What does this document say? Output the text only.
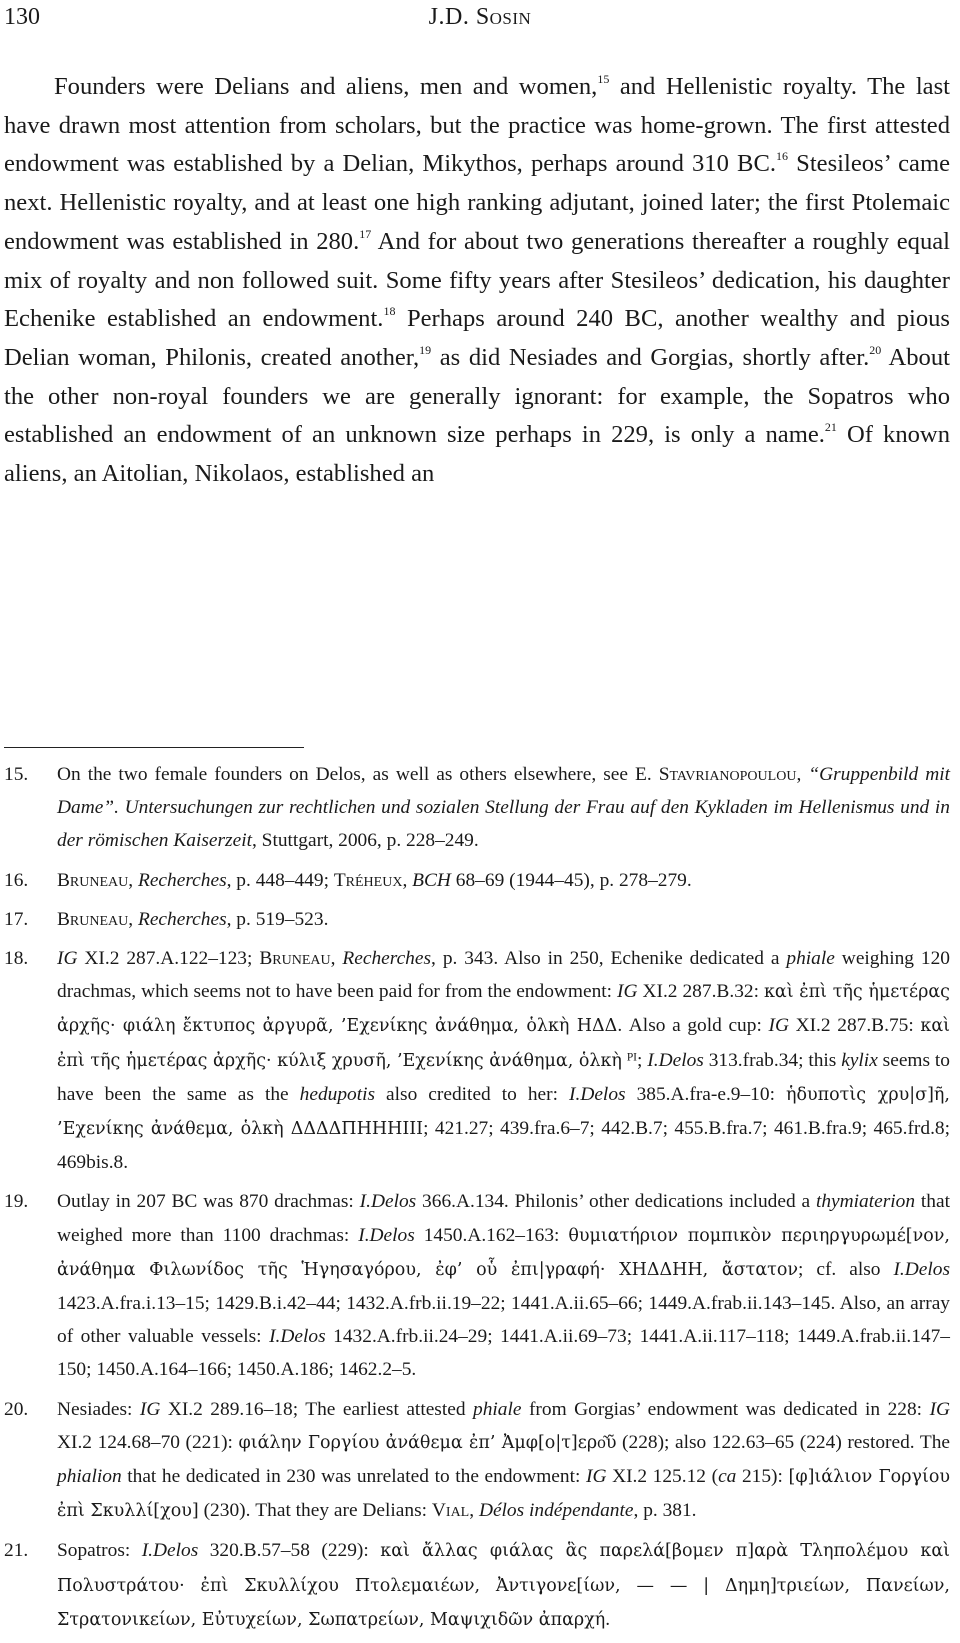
130	J.D. Sosin

Founders were Delians and aliens, men and women,$^{15}$ and Hellenistic royalty. The last have drawn most attention from scholars, but the practice was home-grown. The first attested endowment was established by a Delian, Mikythos, perhaps around 310 BC.$^{16}$ Stesileos’ came next. Hellenistic royalty, and at least one high ranking adjutant, joined later; the first Ptolemaic endowment was established in 280.17 And for about two generations thereafter a roughly equal mix of royalty and non followed suit. Some fifty years after Stesileos’ dedication, his daughter Echenike established an endowment.$^{18}$ Perhaps around 240 BC, another wealthy and pious Delian woman, Philonis, created another,$^{19}$ as did Nesiades and Gorgias, shortly after.$^{20}$ About the other non-royal founders we are generally ignorant: for example, the Sopatros who established an endowment of an unknown size perhaps in 229, is only a name.$^{21}$ Of known aliens, an Aitolian, Nikolaos, established an

15.	On the two female founders on Delos, as well as others elsewhere, see E. Stavrianopoulou, “Gruppenbild mit Dame”. Untersuchungen zur rechtlichen und sozialen Stellung der Frau auf den Kykladen im Hellenismus und in der römischen Kaiserzeit, Stuttgart, 2006, p. 228–249.
16.	Bruneau, Recherches, p. 448–449; Tréheux, BCH 68–69 (1944–45), p. 278–279.
17.	Bruneau, Recherches, p. 519–523.
18.	IG XI.2 287.A.122–123; Bruneau, Recherches, p. 343. Also in 250, Echenike dedicated a phiale weighing 120 drachmas, which seems not to have been paid for from the endowment: IG XI.2 287.B.32: καὶ ἐπὶ τῆς ἡμετέρας ἀρχῆς· φιάλη ἔκτυπος ἀργυρᾶ, ’Εχενίκης ἀνάθημα, ὁλκὴ ΗΔΔ. Also a gold cup: IG XI.2 287.B.75: καὶ ἐπὶ τῆς ἡμετέρας ἀρχῆς· κύλιξ χρυσῆ, ’Εχενίκης ἀνάθημα, ὁλκὴ ᴾᴵ; I.Delos 313.frab.34; this kylix seems to have been the same as the hedupotis also credited to her: I.Delos 385.A.fra-e.9–10: ἡδυποτὶς χρυ|σ]ῆ, ’Εχενίκης ἀνάθεμα, ὁλκὴ ΔΔΔΔΠΗΗΗΙΙΙ; 421.27; 439.fra.6–7; 442.B.7; 455.B.fra.7; 461.B.fra.9; 465.frd.8; 469bis.8.
19.	Outlay in 207 BC was 870 drachmas: I.Delos 366.A.134. Philonis’ other dedications included a thymiaterion that weighed more than 1100 drachmas: I.Delos 1450.A.162–163: θυμιατήριον πομπικὸν περιηργυρωμέ[νον, ἀνάθημα Φιλωνίδος τῆς Ἡγησαγόρου, ἐφ’ οὗ ἐπι|γραφή· ΧΗΔΔΗΗ, ἄστατον; cf. also I.Delos 1423.A.fra.i.13–15; 1429.B.i.42–44; 1432.A.frb.ii.19–22; 1441.A.ii.65–66; 1449.A.frab.ii.143–145. Also, an array of other valuable vessels: I.Delos 1432.A.frb.ii.24–29; 1441.A.ii.69–73; 1441.A.ii.117–118; 1449.A.frab.ii.147–150; 1450.A.164–166; 1450.A.186; 1462.2–5.
20.	Nesiades: IG XI.2 289.16–18; The earliest attested phiale from Gorgias’ endowment was dedicated in 228: IG XI.2 124.68–70 (221): φιάλην Γοργίου ἀνάθεμα ἐπ’ Ἀμφ[ο|τ]ερο͂ῦ (228); also 122.63–65 (224) restored. The phialion that he dedicated in 230 was unrelated to the endowment: IG XI.2 125.12 (ca 215): [φ]ιάλιον Γοργίου ἐπὶ Σκυλλί[χου] (230). That they are Delians: Vial, Délos indépendante, p. 381.
21.	Sopatros: I.Delos 320.B.57–58 (229): καὶ ἄλλας φιάλας ἃς παρελά[βομεν π]αρὰ Τληπολέμου καὶ Πολυστράτου· ἐπὶ Σκυλλίχου Πτολεμαιέων, Ἀντιγονε[ίων, — — | Δημη]τριείων, Πανείων, Στρατονικείων, Εὐτυχείων, Σωπατρείων, Μαψιχιδῶν ἀπαρχή.
